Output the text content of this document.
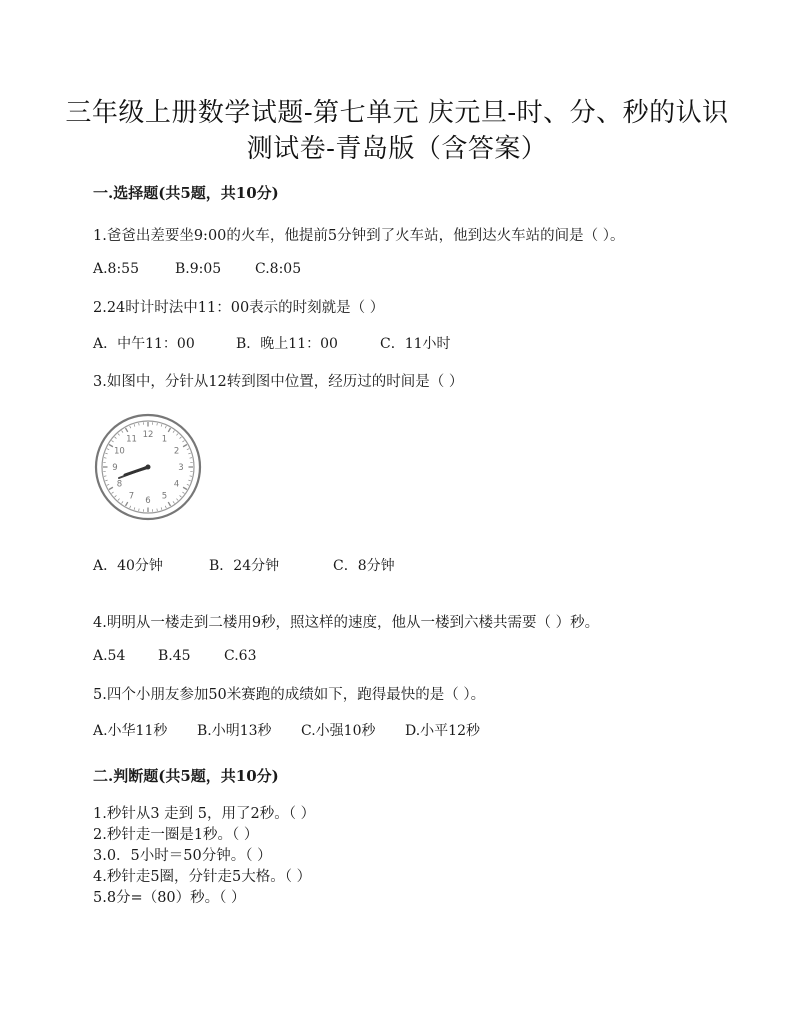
三年级上册数学试题-第七单元 庆元旦-时、分、秒的认识
测试卷-青岛版（含答案）
一.选择题(共5题，共10分)
1.爸爸出差要坐9:00的火车，他提前5分钟到了火车站，他到达火车站的间是（ ）。
A.8:55	B.9:05 C.8:05
2.24时计时法中11：00表示的时刻就是（ ）
A．中午11：00	B．晚上11：00	C．11小时
3.如图中，分针从12转到图中位置，经历过的时间是（ ）
12 1
2
3
4
5
6
7
8
9
10
11
A．40分钟	B．24分钟	C．8分钟
4.明明从一楼走到二楼用9秒，照这样的速度，他从一楼到六楼共需要（ ）秒。
A.54 B.45 C.63
5.四个小朋友参加50米赛跑的成绩如下，跑得最快的是（ ）。
A.小华11秒 B.小明13秒 C.小强10秒 D.小平12秒
二.判断题(共5题，共10分)
1.秒针从3 走到 5，用了2秒。（ ）
2.秒针走一圈是1秒。（ ）
3.0．5小时＝50分钟。（ ）
4.秒针走5圈，分针走5大格。（ ）
5.8分=（80）秒。（ ）
